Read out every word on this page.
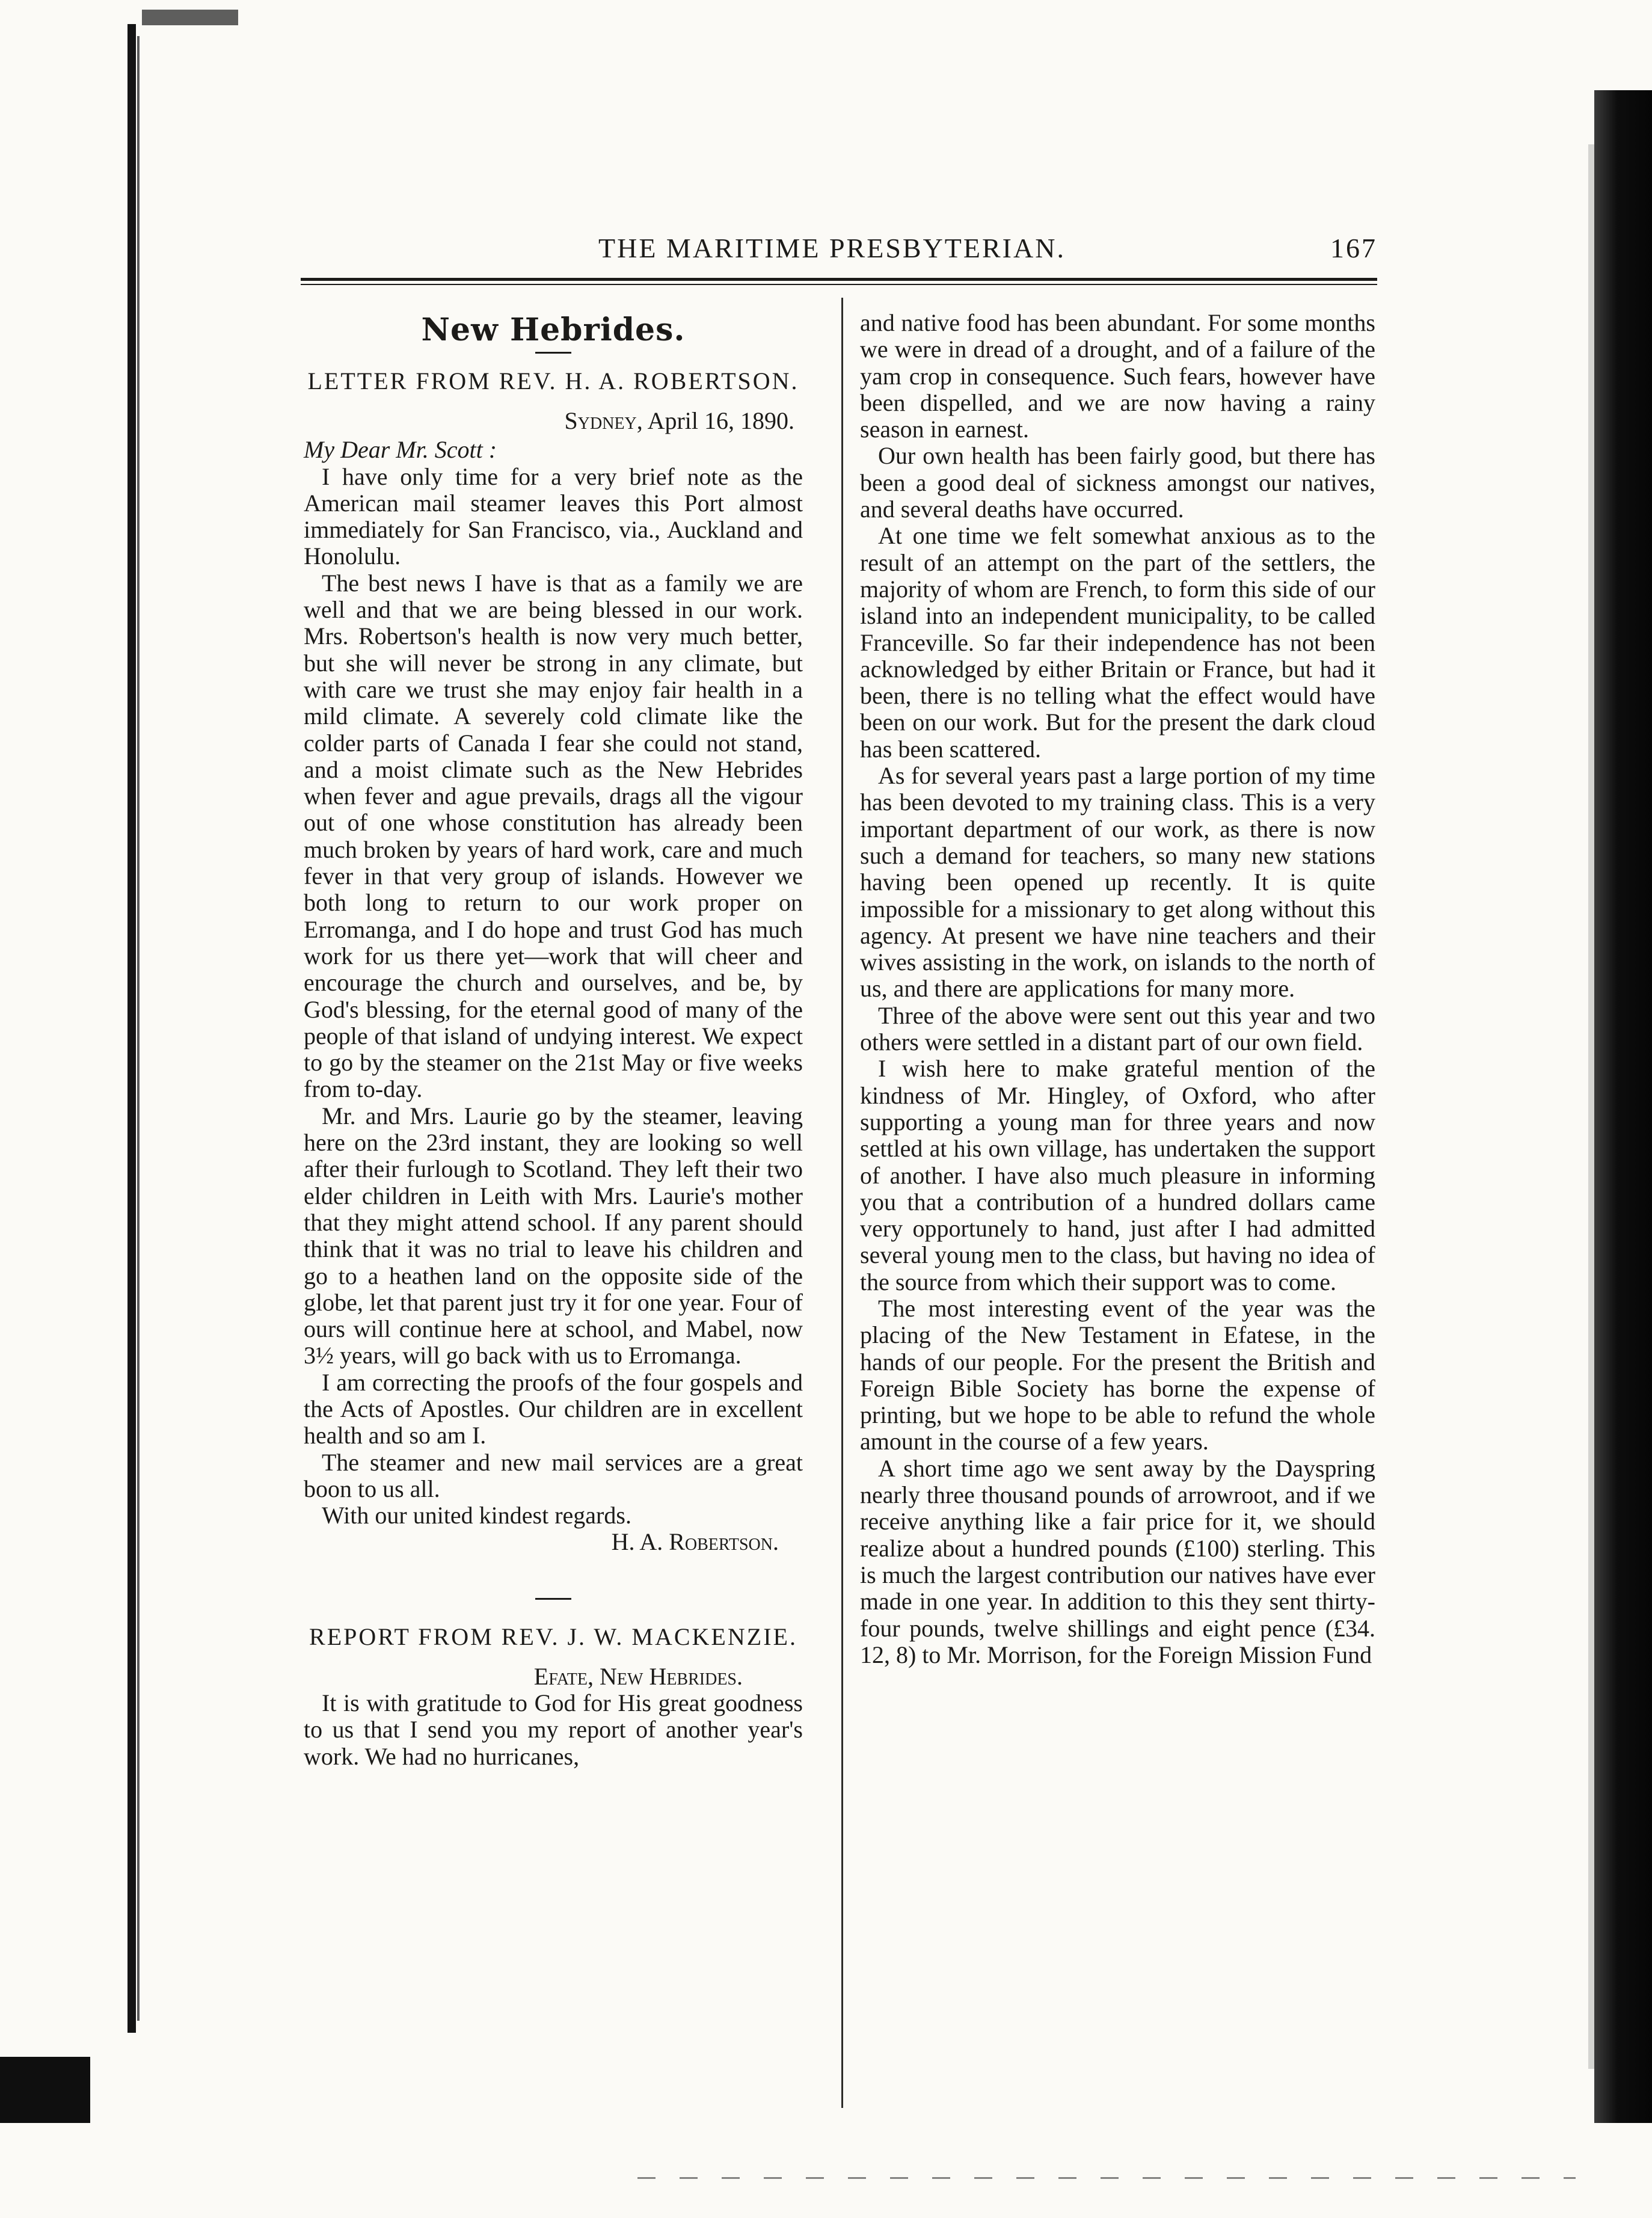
THE MARITIME PRESBYTERIAN.	167
New Hebrides.
LETTER FROM REV. H. A. ROBERTSON.
Sydney, April 16, 1890.
My Dear Mr. Scott :

I have only time for a very brief note as the American mail steamer leaves this Port almost immediately for San Francisco, via., Auckland and Honolulu.

The best news I have is that as a family we are well and that we are being blessed in our work. Mrs. Robertson's health is now very much better, but she will never be strong in any climate, but with care we trust she may enjoy fair health in a mild climate. A severely cold climate like the colder parts of Canada I fear she could not stand, and a moist climate such as the New Hebrides when fever and ague prevails, drags all the vigour out of one whose constitution has already been much broken by years of hard work, care and much fever in that very group of islands. However we both long to return to our work proper on Erromanga, and I do hope and trust God has much work for us there yet—work that will cheer and encourage the church and ourselves, and be, by God's blessing, for the eternal good of many of the people of that island of undying interest. We expect to go by the steamer on the 21st May or five weeks from to-day.

Mr. and Mrs. Laurie go by the steamer, leaving here on the 23rd instant, they are looking so well after their furlough to Scotland. They left their two elder children in Leith with Mrs. Laurie's mother that they might attend school. If any parent should think that it was no trial to leave his children and go to a heathen land on the opposite side of the globe, let that parent just try it for one year. Four of ours will continue here at school, and Mabel, now 3½ years, will go back with us to Erromanga.

I am correcting the proofs of the four gospels and the Acts of Apostles. Our children are in excellent health and so am I.

The steamer and new mail services are a great boon to us all.

With our united kindest regards.

H. A. Robertson.
REPORT FROM REV. J. W. MACKENZIE.
Efate, New Hebrides.

It is with gratitude to God for His great goodness to us that I send you my report of another year's work. We had no hurricanes,

and native food has been abundant. For some months we were in dread of a drought, and of a failure of the yam crop in consequence. Such fears, however have been dispelled, and we are now having a rainy season in earnest.

Our own health has been fairly good, but there has been a good deal of sickness amongst our natives, and several deaths have occurred.

At one time we felt somewhat anxious as to the result of an attempt on the part of the settlers, the majority of whom are French, to form this side of our island into an independent municipality, to be called Franceville. So far their independence has not been acknowledged by either Britain or France, but had it been, there is no telling what the effect would have been on our work. But for the present the dark cloud has been scattered.

As for several years past a large portion of my time has been devoted to my training class. This is a very important department of our work, as there is now such a demand for teachers, so many new stations having been opened up recently. It is quite impossible for a missionary to get along without this agency. At present we have nine teachers and their wives assisting in the work, on islands to the north of us, and there are applications for many more.

Three of the above were sent out this year and two others were settled in a distant part of our own field.

I wish here to make grateful mention of the kindness of Mr. Hingley, of Oxford, who after supporting a young man for three years and now settled at his own village, has undertaken the support of another. I have also much pleasure in informing you that a contribution of a hundred dollars came very opportunely to hand, just after I had admitted several young men to the class, but having no idea of the source from which their support was to come.

The most interesting event of the year was the placing of the New Testament in Efatese, in the hands of our people. For the present the British and Foreign Bible Society has borne the expense of printing, but we hope to be able to refund the whole amount in the course of a few years.

A short time ago we sent away by the Dayspring nearly three thousand pounds of arrowroot, and if we receive anything like a fair price for it, we should realize about a hundred pounds (£100) sterling. This is much the largest contribution our natives have ever made in one year. In addition to this they sent thirty-four pounds, twelve shillings and eight pence (£34. 12, 8) to Mr. Morrison, for the Foreign Mission Fund
